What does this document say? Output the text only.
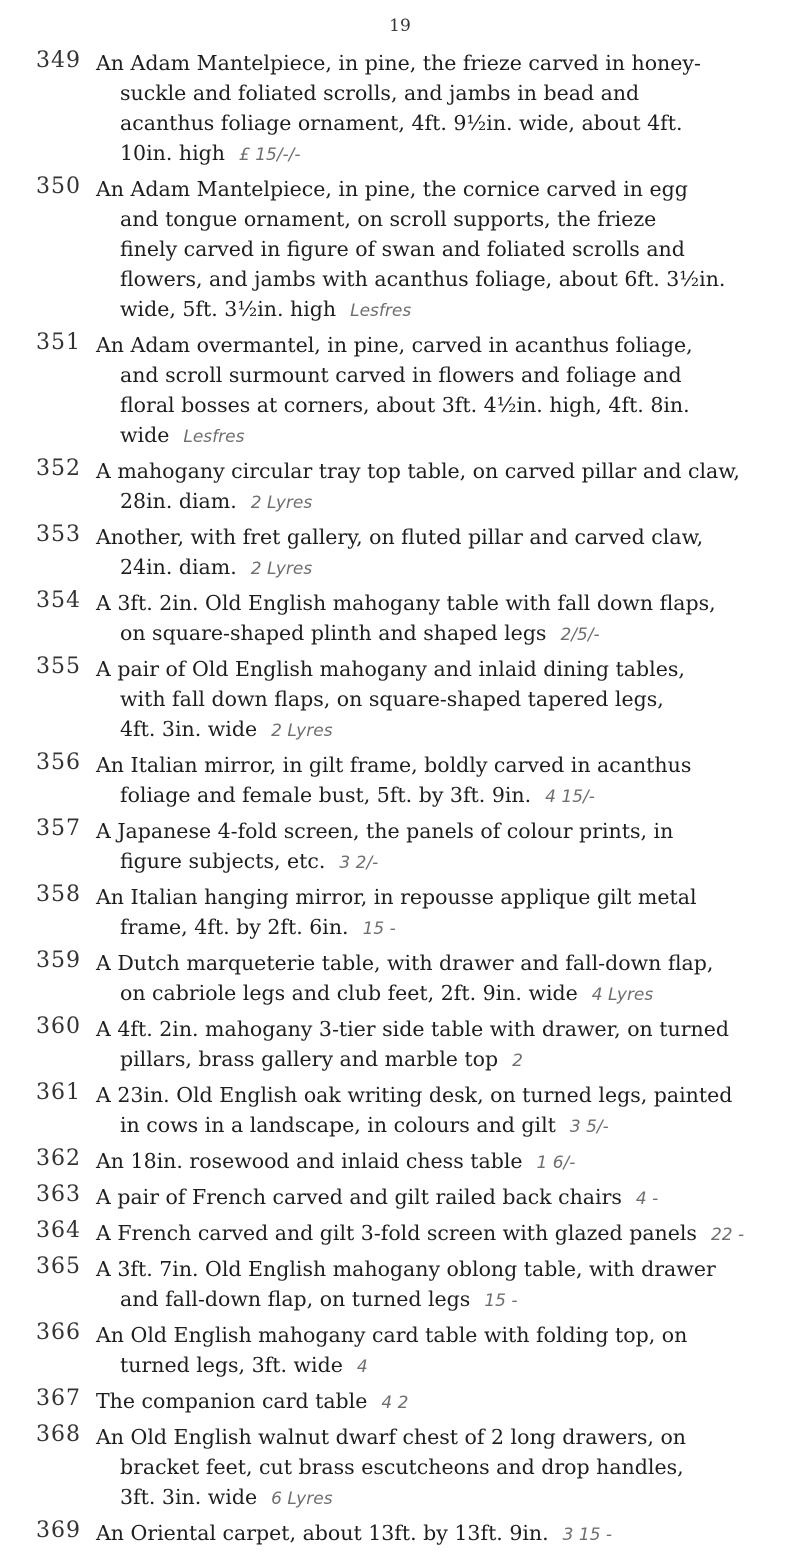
19
349 An Adam Mantelpiece, in pine, the frieze carved in honey-
suckle and foliated scrolls, and jambs in bead and
acanthus foliage ornament, 4ft. 9½in. wide, about 4ft.
10in. high £ 15/-/-
350 An Adam Mantelpiece, in pine, the cornice carved in egg
and tongue ornament, on scroll supports, the frieze
finely carved in figure of swan and foliated scrolls and
flowers, and jambs with acanthus foliage, about 6ft. 3½in.
wide, 5ft. 3½in. high Lesfres
351 An Adam overmantel, in pine, carved in acanthus foliage,
and scroll surmount carved in flowers and foliage and
floral bosses at corners, about 3ft. 4½in. high, 4ft. 8in.
wide Lesfres
352 A mahogany circular tray top table, on carved pillar and claw,
28in. diam. 2 Lyres
353 Another, with fret gallery, on fluted pillar and carved claw,
24in. diam. 2 Lyres
354 A 3ft. 2in. Old English mahogany table with fall down flaps,
on square-shaped plinth and shaped legs 2/5/-
355 A pair of Old English mahogany and inlaid dining tables,
with fall down flaps, on square-shaped tapered legs,
4ft. 3in. wide 2 Lyres
356 An Italian mirror, in gilt frame, boldly carved in acanthus
foliage and female bust, 5ft. by 3ft. 9in. 4 15/-
357 A Japanese 4-fold screen, the panels of colour prints, in
figure subjects, etc. 3 2/-
358 An Italian hanging mirror, in repousse applique gilt metal
frame, 4ft. by 2ft. 6in. 15 -
359 A Dutch marqueterie table, with drawer and fall-down flap,
on cabriole legs and club feet, 2ft. 9in. wide 4 Lyres
360 A 4ft. 2in. mahogany 3-tier side table with drawer, on turned
pillars, brass gallery and marble top 2
361 A 23in. Old English oak writing desk, on turned legs, painted
in cows in a landscape, in colours and gilt 3 5/-
362 An 18in. rosewood and inlaid chess table 1 6/-
363 A pair of French carved and gilt railed back chairs 4 -
364 A French carved and gilt 3-fold screen with glazed panels 22 -
365 A 3ft. 7in. Old English mahogany oblong table, with drawer
and fall-down flap, on turned legs 15 -
366 An Old English mahogany card table with folding top, on
turned legs, 3ft. wide 4
367 The companion card table 4 2
368 An Old English walnut dwarf chest of 2 long drawers, on
bracket feet, cut brass escutcheons and drop handles,
3ft. 3in. wide 6 Lyres
369 An Oriental carpet, about 13ft. by 13ft. 9in. 3 15 -
